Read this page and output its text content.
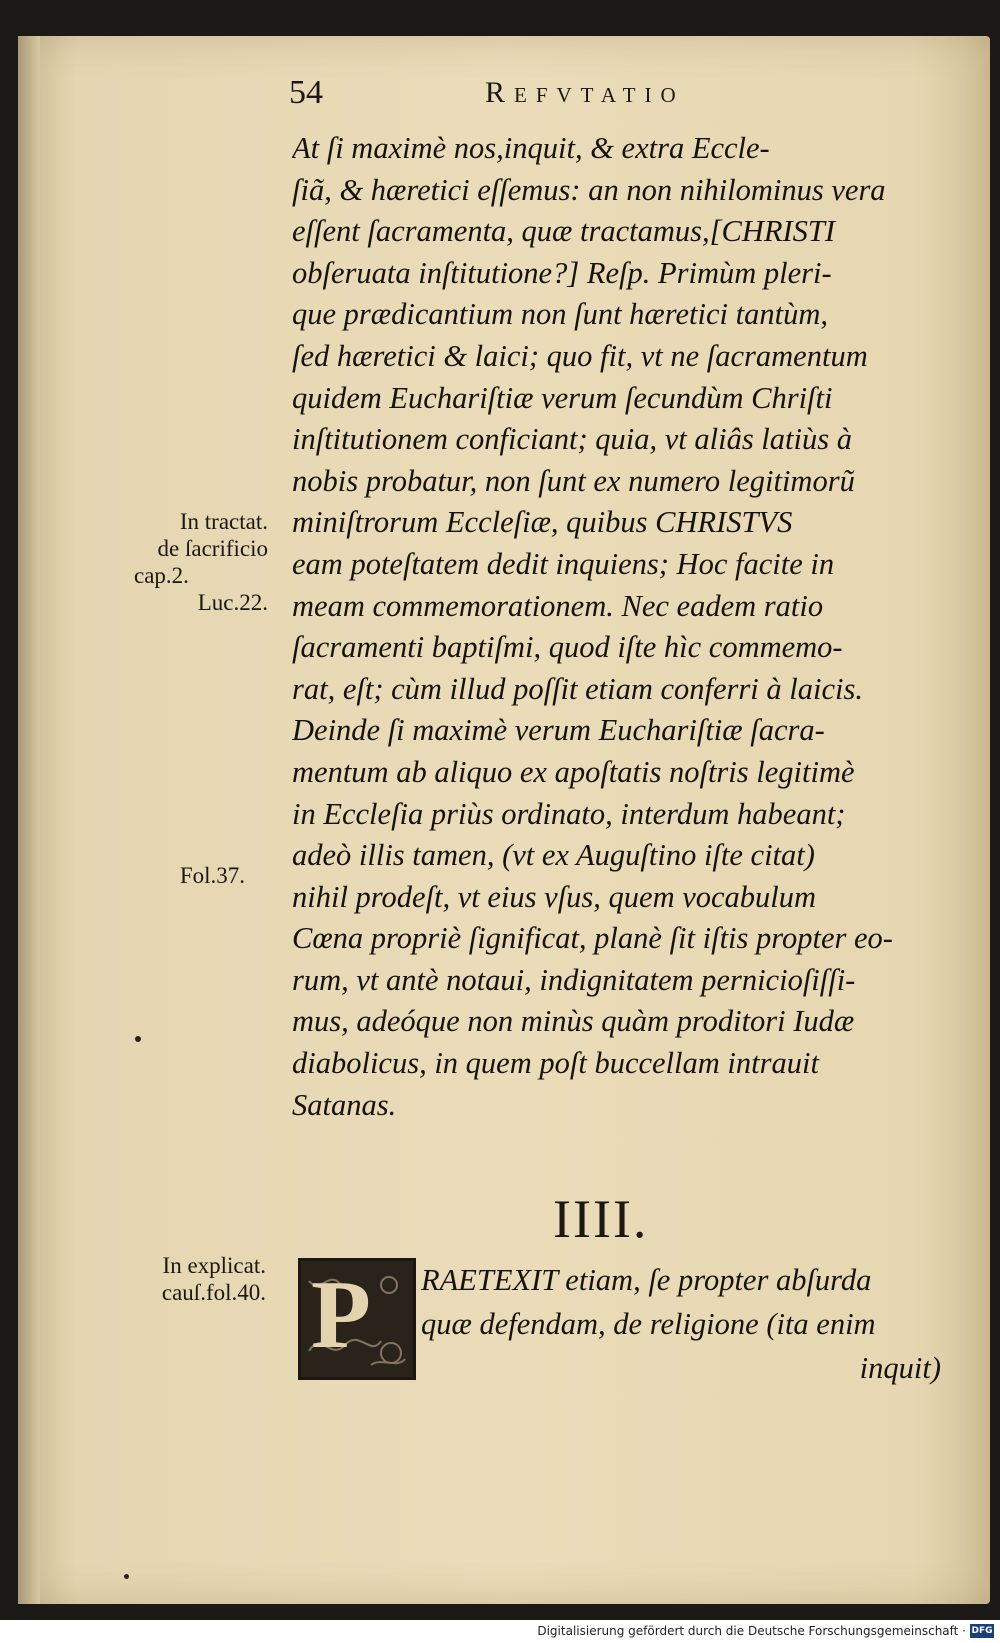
54	Refvtatio
At ſi maximè nos,inquit, & extra Eccle-
ſiã, & hæretici eſſemus: an non nihilominus vera
eſſent ſacramenta, quæ tractamus,[CHRISTI
obſeruata inſtitutione?] Reſp. Primùm pleri-
que prædicantium non ſunt hæretici tantùm,
ſed hæretici & laici; quo fit, vt ne ſacramentum
quidem Euchariſtiæ verum ſecundùm Chriſti
inſtitutionem conficiant; quia, vt aliâs latiùs à
nobis probatur, non ſunt ex numero legitimorũ
miniſtrorum Eccleſiæ, quibus CHRISTVS
eam poteſtatem dedit inquiens; Hoc facite in
meam commemorationem. Nec eadem ratio
ſacramenti baptiſmi, quod iſte hìc commemo-
rat, eſt; cùm illud poſſit etiam conferri à laicis.
Deinde ſi maximè verum Euchariſtiæ ſacra-
mentum ab aliquo ex apoſtatis noſtris legitimè
in Eccleſia priùs ordinato, interdum habeant;
adeò illis tamen, (vt ex Auguſtino iſte citat)
nihil prodeſt, vt eius vſus, quem vocabulum
Cœna propriè ſignificat, planè ſit iſtis propter eo-
rum, vt antè notaui, indignitatem pernicioſiſſi-
mus, adeóque non minùs quàm proditori Iudæ
diabolicus, in quem poſt buccellam intrauit
Satanas.
In tractat.
de ſacrificio
cap.2.
Luc.22.
Fol.37.
In explicat.
cauſ.fol.40.
IIII.
P RAETEXIT etiam, ſe propter abſurda
quæ defendam, de religione (ita enim
inquit)
Digitalisierung gefördert durch die Deutsche Forschungsgemeinschaft · DFG
